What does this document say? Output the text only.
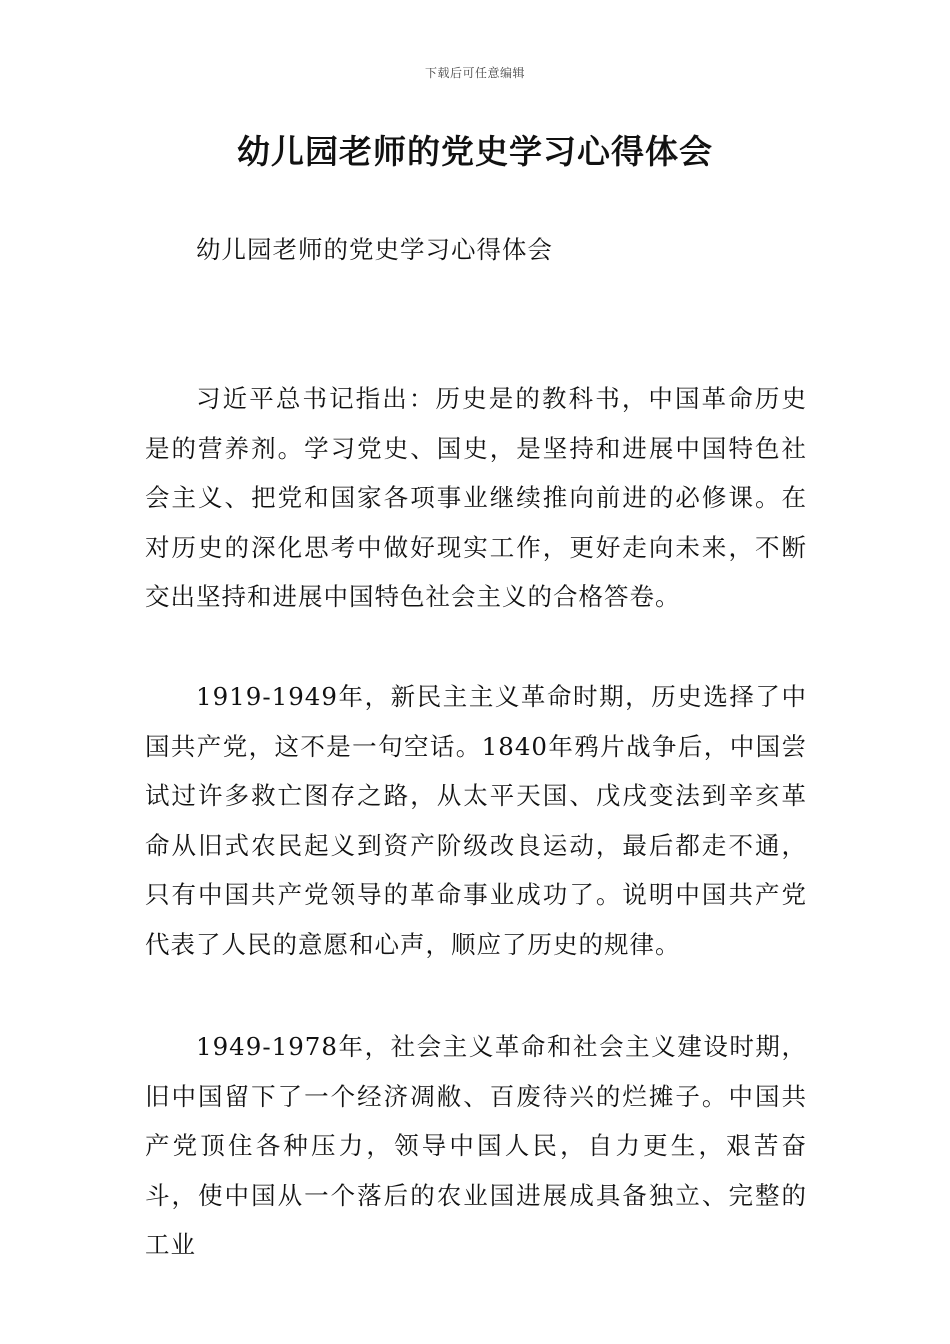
下载后可任意编辑
幼儿园老师的党史学习心得体会

幼儿园老师的党史学习心得体会

习近平总书记指出：历史是的教科书，中国革命历史是的营养剂。学习党史、国史，是坚持和进展中国特色社会主义、把党和国家各项事业继续推向前进的必修课。在对历史的深化思考中做好现实工作，更好走向未来，不断交出坚持和进展中国特色社会主义的合格答卷。

1919-1949年，新民主主义革命时期，历史选择了中国共产党，这不是一句空话。1840年鸦片战争后，中国尝试过许多救亡图存之路，从太平天国、戊戌变法到辛亥革命从旧式农民起义到资产阶级改良运动，最后都走不通，只有中国共产党领导的革命事业成功了。说明中国共产党代表了人民的意愿和心声，顺应了历史的规律。

1949-1978年，社会主义革命和社会主义建设时期，旧中国留下了一个经济凋敝、百废待兴的烂摊子。中国共产党顶住各种压力，领导中国人民，自力更生，艰苦奋斗，使中国从一个落后的农业国进展成具备独立、完整的工业
